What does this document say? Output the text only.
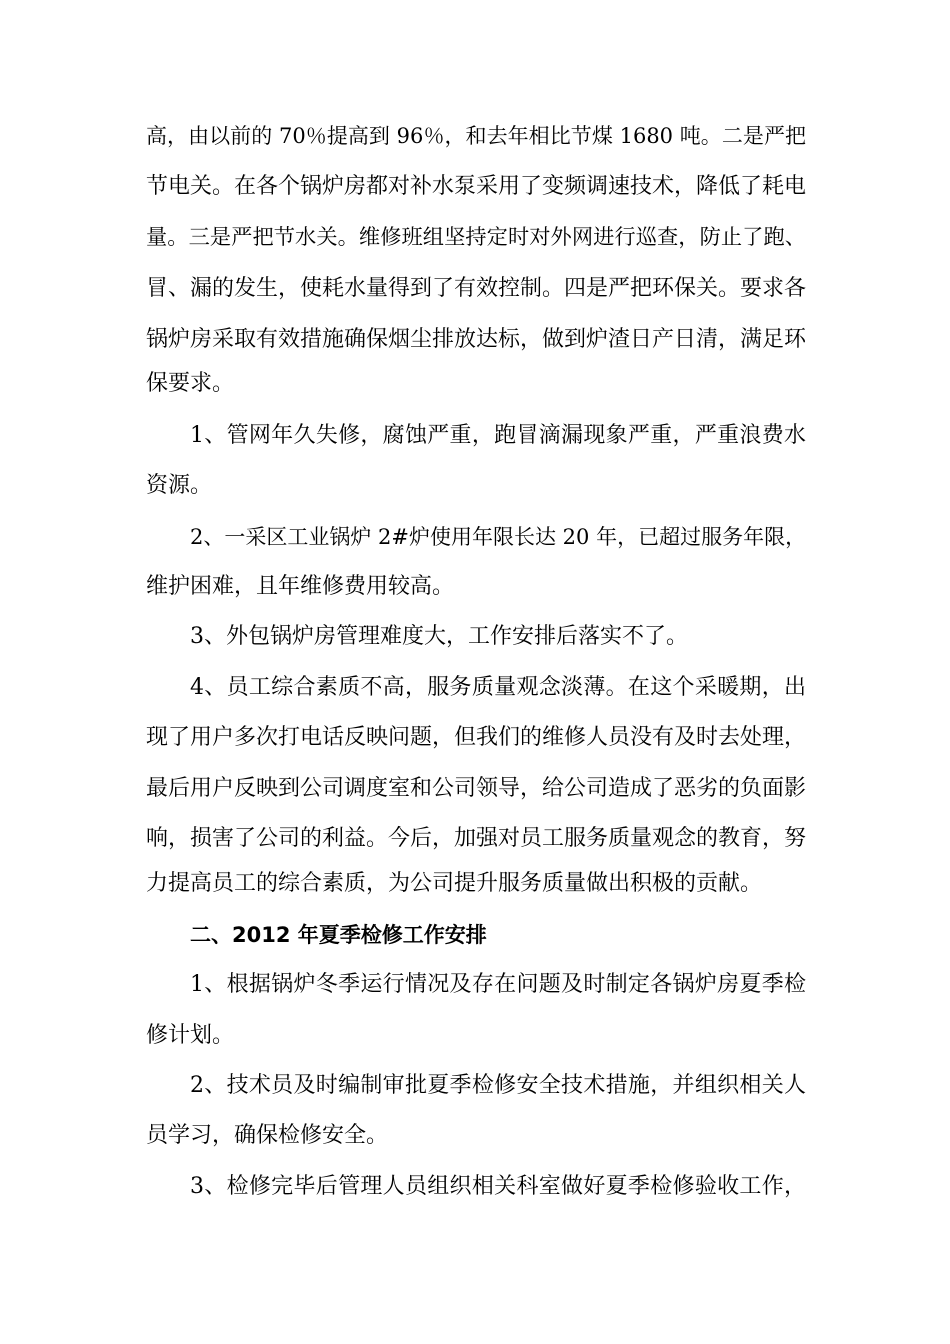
高，由以前的 70％提高到 96％，和去年相比节煤 1680 吨。二是严把
节电关。在各个锅炉房都对补水泵采用了变频调速技术，降低了耗电
量。三是严把节水关。维修班组坚持定时对外网进行巡查，防止了跑、
冒、漏的发生，使耗水量得到了有效控制。四是严把环保关。要求各
锅炉房采取有效措施确保烟尘排放达标，做到炉渣日产日清，满足环
保要求。
1、管网年久失修，腐蚀严重，跑冒滴漏现象严重，严重浪费水
资源。
2、一采区工业锅炉 2#炉使用年限长达 20 年，已超过服务年限，
维护困难，且年维修费用较高。
3、外包锅炉房管理难度大，工作安排后落实不了。
4、员工综合素质不高，服务质量观念淡薄。在这个采暖期，出
现了用户多次打电话反映问题，但我们的维修人员没有及时去处理，
最后用户反映到公司调度室和公司领导，给公司造成了恶劣的负面影
响，损害了公司的利益。今后，加强对员工服务质量观念的教育，努
力提高员工的综合素质，为公司提升服务质量做出积极的贡献。
二、2012 年夏季检修工作安排
1、根据锅炉冬季运行情况及存在问题及时制定各锅炉房夏季检
修计划。
2、技术员及时编制审批夏季检修安全技术措施，并组织相关人
员学习，确保检修安全。
3、检修完毕后管理人员组织相关科室做好夏季检修验收工作，
